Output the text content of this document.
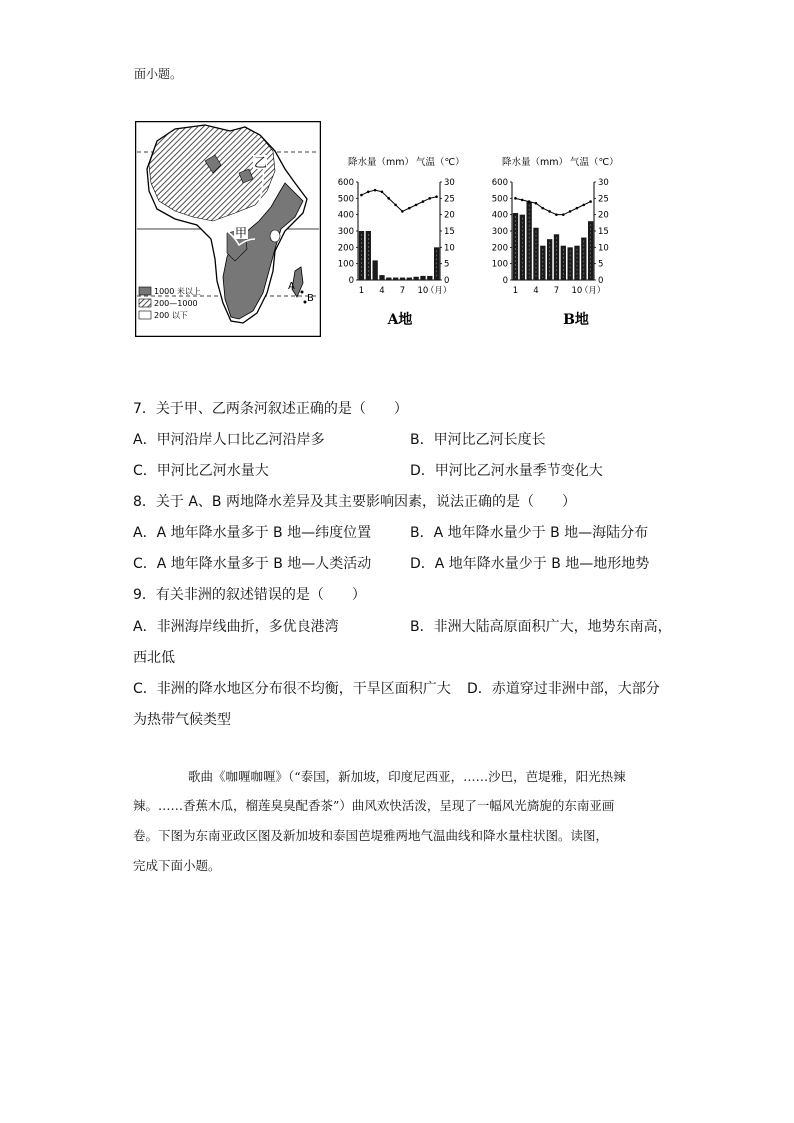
面小题。
1000 米以上
200—1000
200 以下
乙
甲
A
B
降水量（mm） 气温（℃）
0
100
200
300
400
500
600
0
5
10
15
20
25
30
1 4 7 10
（月）
A地
降水量（mm） 气温（℃）
0
100
200
300
400
500
600
0
5
10
15
20
25
30
1 4 7 10
（月）
B地
7．关于甲、乙两条河叙述正确的是（　　）
A．甲河沿岸人口比乙河沿岸多	B．甲河比乙河长度长
C．甲河比乙河水量大	D．甲河比乙河水量季节变化大
8．关于 A、B 两地降水差异及其主要影响因素，说法正确的是（　　）
A．A 地年降水量多于 B 地—纬度位置	B．A 地年降水量少于 B 地—海陆分布
C．A 地年降水量多于 B 地—人类活动	D．A 地年降水量少于 B 地—地形地势
9．有关非洲的叙述错误的是（　　）
A．非洲海岸线曲折，多优良港湾	B．非洲大陆高原面积广大，地势东南高，
西北低
C．非洲的降水地区分布很不均衡，干旱区面积广大 D．赤道穿过非洲中部，大部分
为热带气候类型
歌曲《咖喱咖喱》（“泰国，新加坡，印度尼西亚，……沙巴，芭堤雅，阳光热辣
辣。……香蕉木瓜，榴莲臭臭配香茶”）曲风欢快活泼，呈现了一幅风光旖旎的东南亚画
卷。下图为东南亚政区图及新加坡和泰国芭堤雅两地气温曲线和降水量柱状图。读图，
完成下面小题。
